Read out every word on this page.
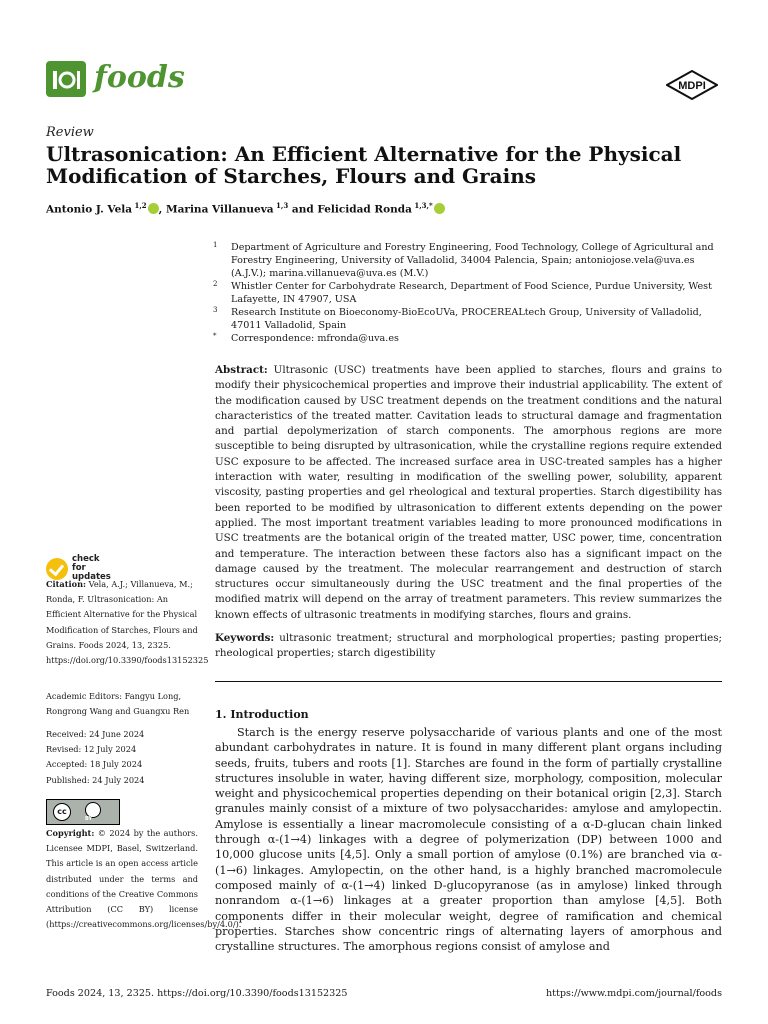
foods	MDPI
Review
Ultrasonication: An Efficient Alternative for the Physical Modification of Starches, Flours and Grains
Antonio J. Vela $^{1,2}$ , Marina Villanueva $^{1,3}$ and Felicidad Ronda $^{1,3,*}$
1	Department of Agriculture and Forestry Engineering, Food Technology, College of Agricultural and Forestry Engineering, University of Valladolid, 34004 Palencia, Spain; antoniojose.vela@uva.es (A.J.V.); marina.villanueva@uva.es (M.V.)
2	Whistler Center for Carbohydrate Research, Department of Food Science, Purdue University, West Lafayette, IN 47907, USA
3	Research Institute on Bioeconomy-BioEcoUVa, PROCEREALtech Group, University of Valladolid, 47011 Valladolid, Spain
*	Correspondence: mfronda@uva.es
Abstract: Ultrasonic (USC) treatments have been applied to starches, flours and grains to modify their physicochemical properties and improve their industrial applicability. The extent of the modification caused by USC treatment depends on the treatment conditions and the natural characteristics of the treated matter. Cavitation leads to structural damage and fragmentation and partial depolymerization of starch components. The amorphous regions are more susceptible to being disrupted by ultrasonication, while the crystalline regions require extended USC exposure to be affected. The increased surface area in USC-treated samples has a higher interaction with water, resulting in modification of the swelling power, solubility, apparent viscosity, pasting properties and gel rheological and textural properties. Starch digestibility has been reported to be modified by ultrasonication to different extents depending on the power applied. The most important treatment variables leading to more pronounced modifications in USC treatments are the botanical origin of the treated matter, USC power, time, concentration and temperature. The interaction between these factors also has a significant impact on the damage caused by the treatment. The molecular rearrangement and destruction of starch structures occur simultaneously during the USC treatment and the final properties of the modified matrix will depend on the array of treatment parameters. This review summarizes the known effects of ultrasonic treatments in modifying starches, flours and grains.
Keywords: ultrasonic treatment; structural and morphological properties; pasting properties; rheological properties; starch digestibility
1. Introduction
Starch is the energy reserve polysaccharide of various plants and one of the most abundant carbohydrates in nature. It is found in many different plant organs including seeds, fruits, tubers and roots [1]. Starches are found in the form of partially crystalline structures insoluble in water, having different size, morphology, composition, molecular weight and physicochemical properties depending on their botanical origin [2,3]. Starch granules mainly consist of a mixture of two polysaccharides: amylose and amylopectin. Amylose is essentially a linear macromolecule consisting of a α-D-glucan chain linked through α-(1→4) linkages with a degree of polymerization (DP) between 1000 and 10,000 glucose units [4,5]. Only a small portion of amylose (0.1%) are branched via α-(1→6) linkages. Amylopectin, on the other hand, is a highly branched macromolecule composed mainly of α-(1→4) linked D-glucopyranose (as in amylose) linked through nonrandom α-(1→6) linkages at a greater proportion than amylose [4,5]. Both components differ in their molecular weight, degree of ramification and chemical properties. Starches show concentric rings of alternating layers of amorphous and crystalline structures. The amorphous regions consist of amylose and
check for updates
Citation: Vela, A.J.; Villanueva, M.; Ronda, F. Ultrasonication: An Efficient Alternative for the Physical Modification of Starches, Flours and Grains. Foods 2024, 13, 2325. https://doi.org/10.3390/foods13152325
Academic Editors: Fangyu Long, Rongrong Wang and Guangxu Ren
Received: 24 June 2024
Revised: 12 July 2024
Accepted: 18 July 2024
Published: 24 July 2024
cc
BY
Copyright: © 2024 by the authors. Licensee MDPI, Basel, Switzerland. This article is an open access article distributed under the terms and conditions of the Creative Commons Attribution (CC BY) license (https://creativecommons.org/licenses/by/4.0/).
Foods 2024, 13, 2325. https://doi.org/10.3390/foods13152325	https://www.mdpi.com/journal/foods
